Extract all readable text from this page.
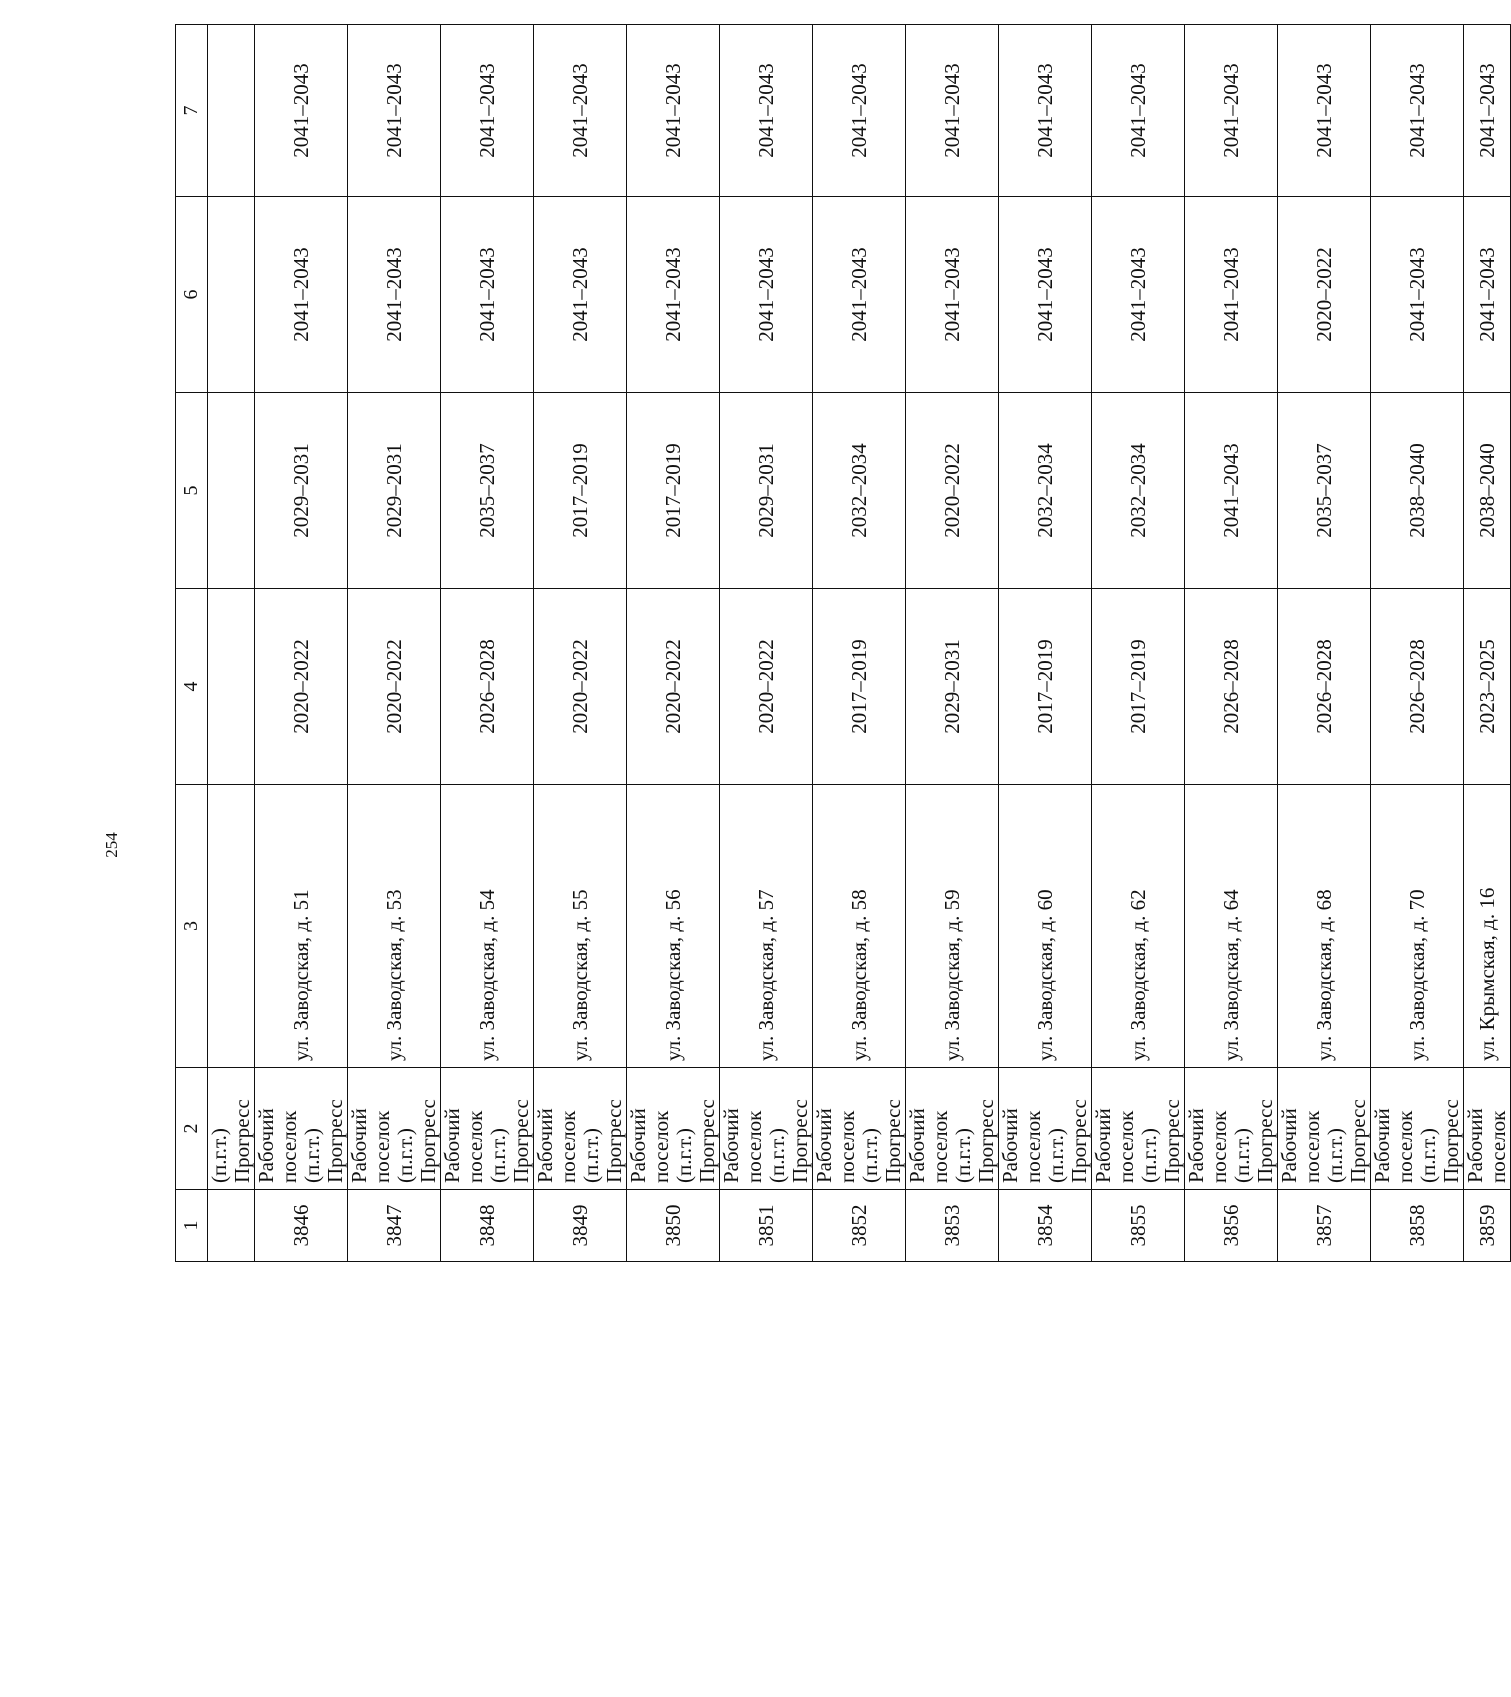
254
1	2	3	4	5	6	7
	(п.г.т.) Прогресс					
3846	Рабочий поселок (п.г.т.) Прогресс	ул. Заводская, д. 51	2020–2022	2029–2031	2041–2043	2041–2043
3847	Рабочий поселок (п.г.т.) Прогресс	ул. Заводская, д. 53	2020–2022	2029–2031	2041–2043	2041–2043
3848	Рабочий поселок (п.г.т.) Прогресс	ул. Заводская, д. 54	2026–2028	2035–2037	2041–2043	2041–2043
3849	Рабочий поселок (п.г.т.) Прогресс	ул. Заводская, д. 55	2020–2022	2017–2019	2041–2043	2041–2043
3850	Рабочий поселок (п.г.т.) Прогресс	ул. Заводская, д. 56	2020–2022	2017–2019	2041–2043	2041–2043
3851	Рабочий поселок (п.г.т.) Прогресс	ул. Заводская, д. 57	2020–2022	2029–2031	2041–2043	2041–2043
3852	Рабочий поселок (п.г.т.) Прогресс	ул. Заводская, д. 58	2017–2019	2032–2034	2041–2043	2041–2043
3853	Рабочий поселок (п.г.т.) Прогресс	ул. Заводская, д. 59	2029–2031	2020–2022	2041–2043	2041–2043
3854	Рабочий поселок (п.г.т.) Прогресс	ул. Заводская, д. 60	2017–2019	2032–2034	2041–2043	2041–2043
3855	Рабочий поселок (п.г.т.) Прогресс	ул. Заводская, д. 62	2017–2019	2032–2034	2041–2043	2041–2043
3856	Рабочий поселок (п.г.т.) Прогресс	ул. Заводская, д. 64	2026–2028	2041–2043	2041–2043	2041–2043
3857	Рабочий поселок (п.г.т.) Прогресс	ул. Заводская, д. 68	2026–2028	2035–2037	2020–2022	2041–2043
3858	Рабочий поселок (п.г.т.) Прогресс	ул. Заводская, д. 70	2026–2028	2038–2040	2041–2043	2041–2043
3859	Рабочий поселок	ул. Крымская, д. 16	2023–2025	2038–2040	2041–2043	2041–2043
